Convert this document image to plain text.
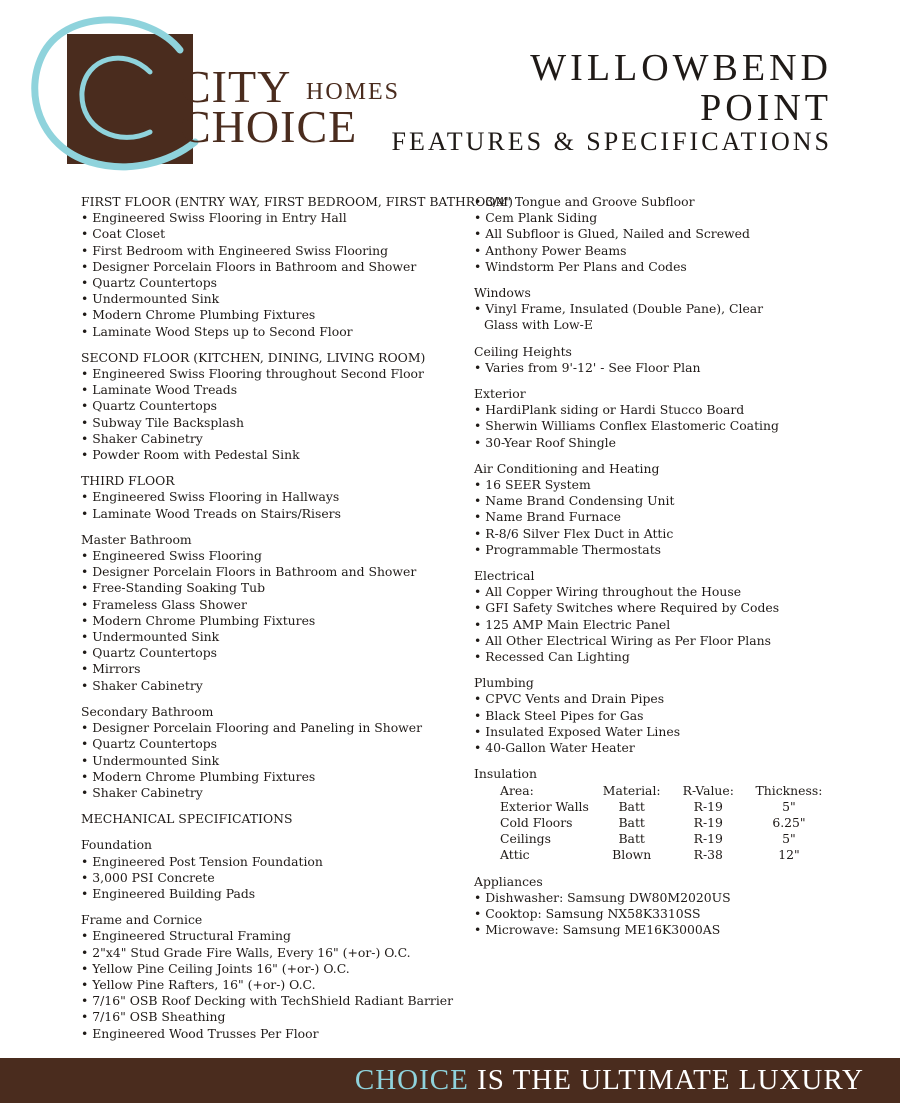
CITY HOMES
CHOICE
WILLOWBEND
POINT
FEATURES & SPECIFICATIONS
FIRST FLOOR (ENTRY WAY, FIRST BEDROOM, FIRST BATHROOM)
• Engineered Swiss Flooring in Entry Hall
• Coat Closet
• First Bedroom with Engineered Swiss Flooring
• Designer Porcelain Floors in Bathroom and Shower
• Quartz Countertops
• Undermounted Sink
• Modern Chrome Plumbing Fixtures
• Laminate Wood Steps up to Second Floor
SECOND FLOOR (KITCHEN, DINING, LIVING ROOM)
• Engineered Swiss Flooring throughout Second Floor
• Laminate Wood Treads
• Quartz Countertops
• Subway Tile Backsplash
• Shaker Cabinetry
• Powder Room with Pedestal Sink
THIRD FLOOR
• Engineered Swiss Flooring in Hallways
• Laminate Wood Treads on Stairs/Risers
Master Bathroom
• Engineered Swiss Flooring
• Designer Porcelain Floors in Bathroom and Shower
• Free-Standing Soaking Tub
• Frameless Glass Shower
• Modern Chrome Plumbing Fixtures
• Undermounted Sink
• Quartz Countertops
• Mirrors
• Shaker Cabinetry
Secondary Bathroom
• Designer Porcelain Flooring and Paneling in Shower
• Quartz Countertops
• Undermounted Sink
• Modern Chrome Plumbing Fixtures
• Shaker Cabinetry
MECHANICAL SPECIFICATIONS
Foundation
• Engineered Post Tension Foundation
• 3,000 PSI Concrete
• Engineered Building Pads
Frame and Cornice
• Engineered Structural Framing
• 2"x4" Stud Grade Fire Walls, Every 16" (+or-) O.C.
• Yellow Pine Ceiling Joints 16" (+or-) O.C.
• Yellow Pine Rafters, 16" (+or-) O.C.
• 7/16" OSB Roof Decking with TechShield Radiant Barrier
• 7/16" OSB Sheathing
• Engineered Wood Trusses Per Floor
• 3/4" Tongue and Groove Subfloor
• Cem Plank Siding
• All Subfloor is Glued, Nailed and Screwed
• Anthony Power Beams
• Windstorm Per Plans and Codes
Windows
• Vinyl Frame, Insulated (Double Pane), Clear Glass with Low-E
Ceiling Heights
• Varies from 9'-12' - See Floor Plan
Exterior
• HardiPlank siding or Hardi Stucco Board
• Sherwin Williams Conflex Elastomeric Coating
• 30-Year Roof Shingle
Air Conditioning and Heating
• 16 SEER System
• Name Brand Condensing Unit
• Name Brand Furnace
• R-8/6 Silver Flex Duct in Attic
• Programmable Thermostats
Electrical
• All Copper Wiring throughout the House
• GFI Safety Switches where Required by Codes
• 125 AMP Main Electric Panel
• All Other Electrical Wiring as Per Floor Plans
• Recessed Can Lighting
Plumbing
• CPVC Vents and Drain Pipes
• Black Steel Pipes for Gas
• Insulated Exposed Water Lines
• 40-Gallon Water Heater
Insulation
Area:	Material:	R-Value:	Thickness:
Exterior Walls	Batt	R-19	5"
Cold Floors	Batt	R-19	6.25"
Ceilings	Batt	R-19	5"
Attic	Blown	R-38	12"
Appliances
• Dishwasher: Samsung DW80M2020US
• Cooktop: Samsung NX58K3310SS
• Microwave: Samsung ME16K3000AS
CHOICE IS THE ULTIMATE LUXURY
